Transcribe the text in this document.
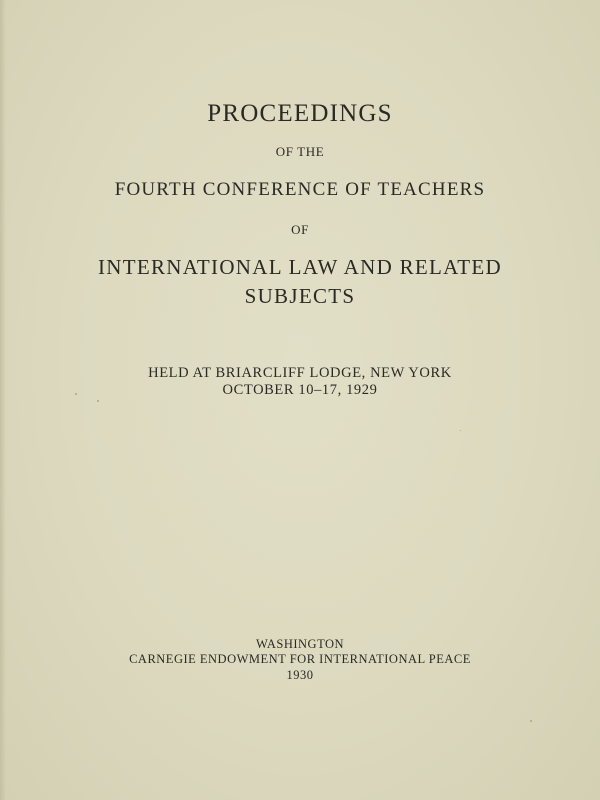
PROCEEDINGS
OF THE
FOURTH CONFERENCE OF TEACHERS
OF
INTERNATIONAL LAW AND RELATED
SUBJECTS
HELD AT BRIARCLIFF LODGE, NEW YORK
OCTOBER 10–17, 1929
WASHINGTON
CARNEGIE ENDOWMENT FOR INTERNATIONAL PEACE
1930
